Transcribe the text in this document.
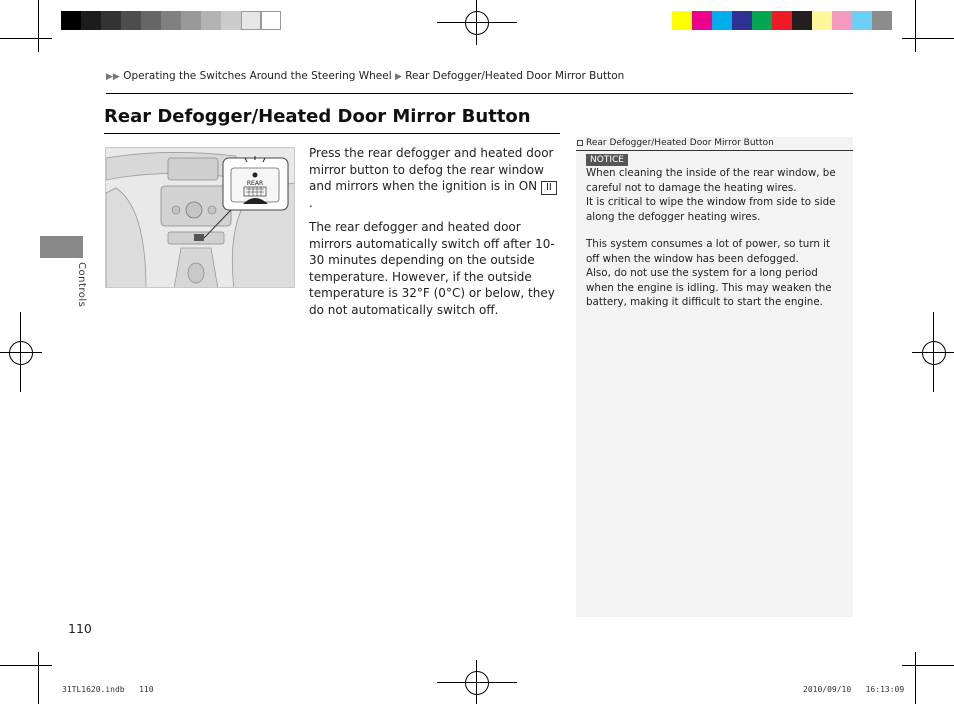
▶▶ Operating the Switches Around the Steering Wheel ▶ Rear Defogger/Heated Door Mirror Button
Rear Defogger/Heated Door Mirror Button
REAR
Press the rear defogger and heated door mirror button to defog the rear window and mirrors when the ignition is in ON II.
The rear defogger and heated door mirrors automatically switch off after 10-30 minutes depending on the outside temperature. However, if the outside temperature is 32°F (0°C) or below, they do not automatically switch off.
Rear Defogger/Heated Door Mirror Button
NOTICE
When cleaning the inside of the rear window, be careful not to damage the heating wires.
It is critical to wipe the window from side to side along the defogger heating wires.
This system consumes a lot of power, so turn it off when the window has been defogged.
Also, do not use the system for a long period when the engine is idling. This may weaken the battery, making it difficult to start the engine.
Controls
110
31TL1620.indb   110	2010/09/10   16:13:09
